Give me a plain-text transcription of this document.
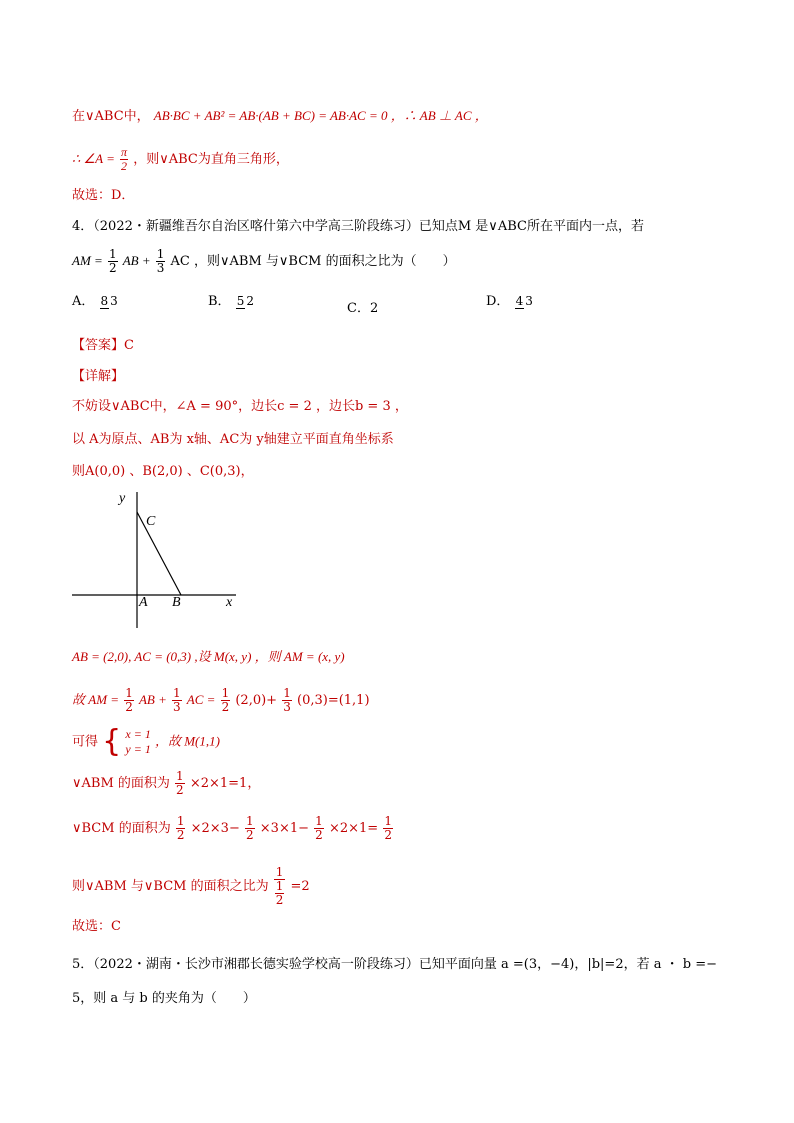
在∨ABC中， AB·BC + AB² = AB·(AB + BC) = AB·AC = 0 ，∴ AB ⊥ AC ，
∴ ∠A = $\frac{\pi}{2}$ ，则∨ABC为直角三角形，
故选：D．
4．（2022・新疆维吾尔自治区喀什第六中学高三阶段练习）已知点M 是∨ABC所在平面内一点，若
AM = $\frac{1}{2}$ AB + $\frac{1}{3}$ AC ，则∨ABM 与∨BCM 的面积之比为（　　）
A． 8 3	B． 5 2	C．2	D． 4 3
【答案】C
【详解】
不妨设∨ABC中，∠A = 90°，边长c = 2 ，边长b = 3 ，
以 A为原点、AB为 x轴、AC为 y轴建立平面直角坐标系
则A(0,0) 、B(2,0) 、C(0,3)，
y
x
C
A B
AB = (2,0), AC = (0,3) ,设 M(x, y) ，则 AM = (x, y)
故 AM = $\frac{1}{2}$ AB + $\frac{1}{3}$ AC = $\frac{1}{2} (2,0)+ \frac{1}{3} (0,3)=(1,1)$
可得 { x = 1
y = 1
，故 M(1,1)
∨ABM 的面积为 $\frac{1}{2} \times 2\times 1=1$，
∨BCM 的面积为 $\frac{1}{2} \times 2\times 3- \frac{1}{2} \times 3\times 1- \frac{1}{2} \times 2\times 1= \frac{1}{2}$
则∨ABM 与∨BCM 的面积之比为 $\frac{1}{\frac{1}{2}} =2$
故选：C
5．（2022・湖南・长沙市湘郡长德实验学校高一阶段练习）已知平面向量 a =(3，−4)，|b|=2，若 a ・ b =−
5，则 a 与 b 的夹角为（　　）
